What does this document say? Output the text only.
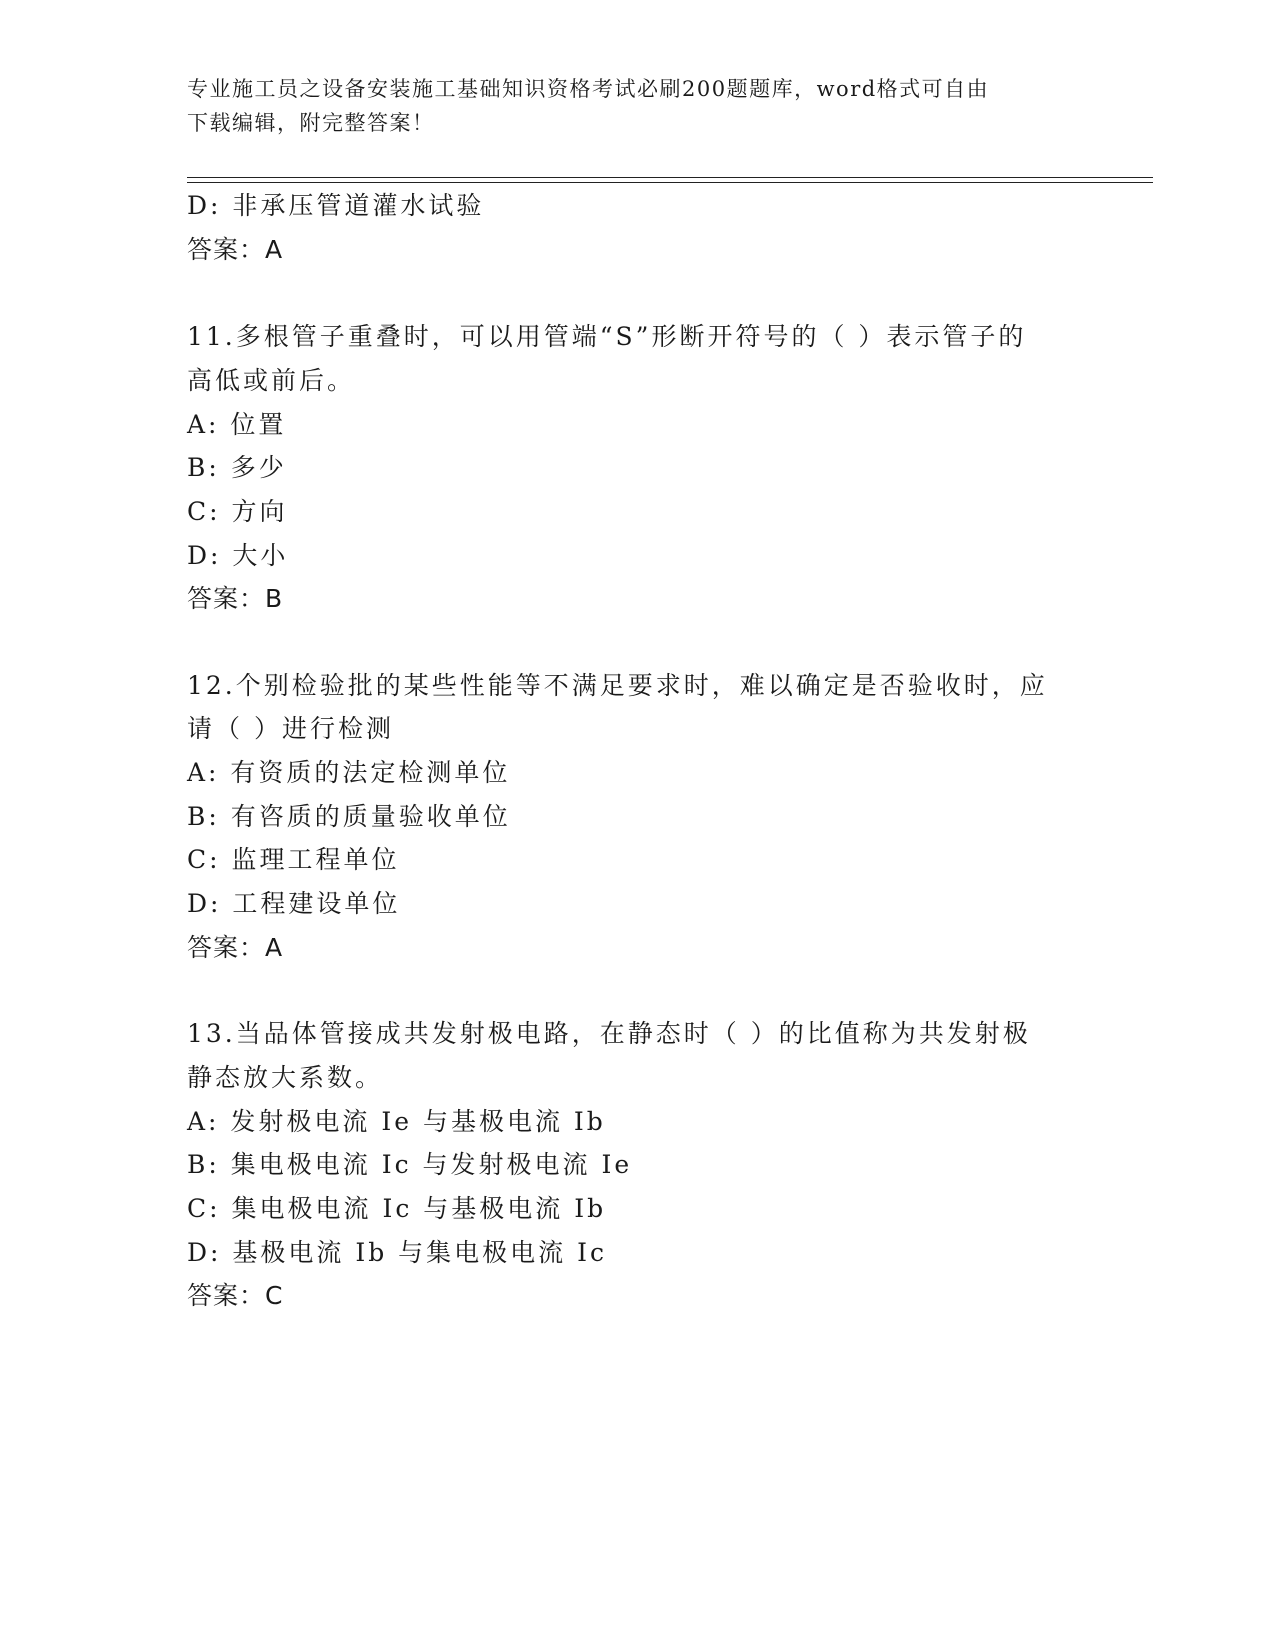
专业施工员之设备安装施工基础知识资格考试必刷200题题库，word格式可自由
下载编辑，附完整答案！
D: 非承压管道灌水试验
答案：A
11.多根管子重叠时，可以用管端“S”形断开符号的（ ）表示管子的
高低或前后。
A: 位置
B: 多少
C: 方向
D: 大小
答案：B
12.个别检验批的某些性能等不满足要求时，难以确定是否验收时，应
请（ ）进行检测
A: 有资质的法定检测单位
B: 有咨质的质量验收单位
C: 监理工程单位
D: 工程建设单位
答案：A
13.当品体管接成共发射极电路，在静态时（ ）的比值称为共发射极
静态放大系数。
A: 发射极电流 Ie 与基极电流 Ib
B: 集电极电流 Ic 与发射极电流 Ie
C: 集电极电流 Ic 与基极电流 Ib
D: 基极电流 Ib 与集电极电流 Ic
答案：C
